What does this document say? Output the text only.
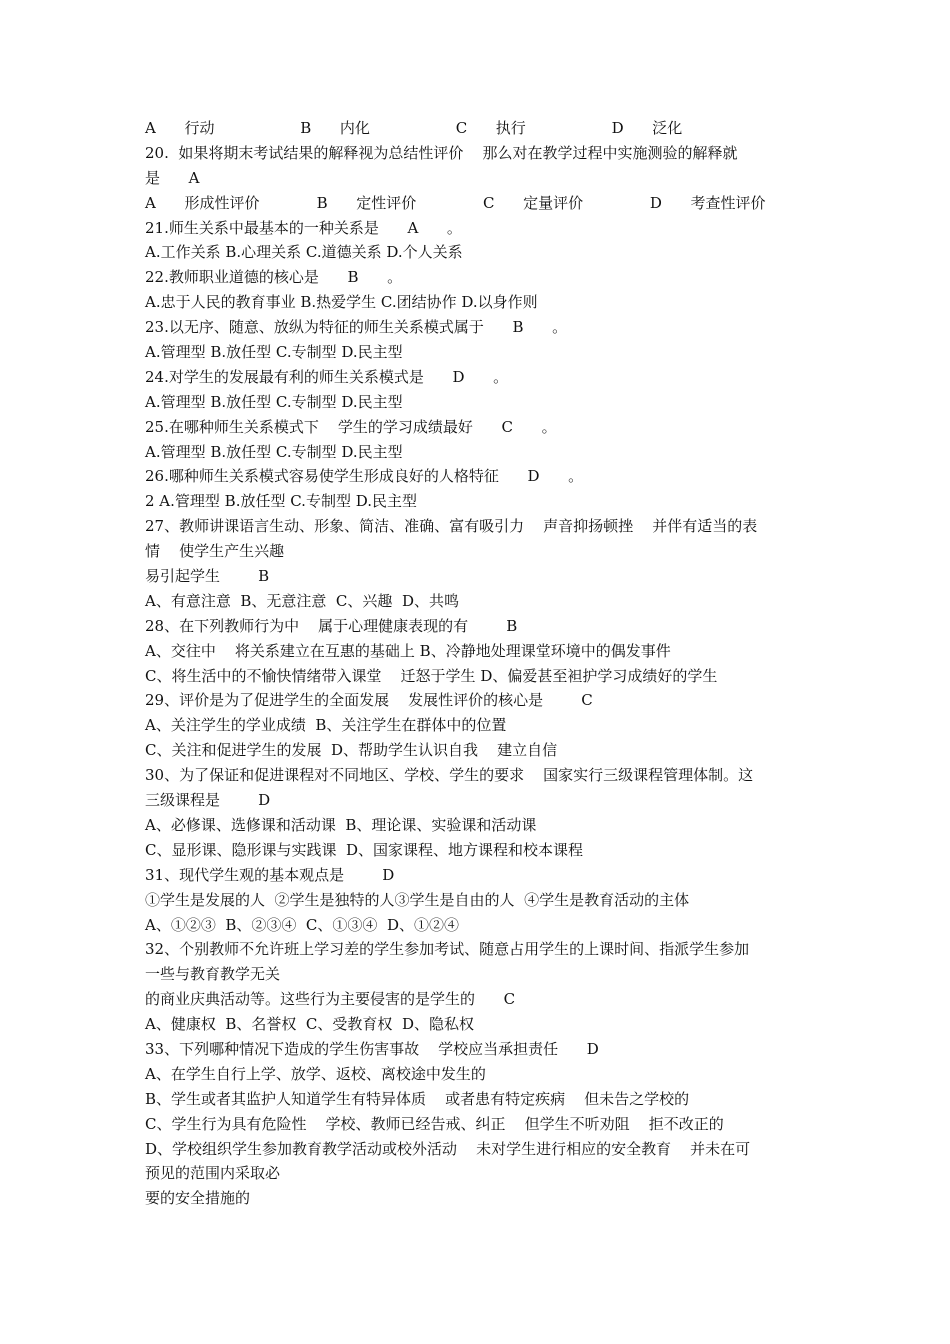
A      行动                  B      内化                  C      执行                  D      泛化
20.  如果将期末考试结果的解释视为总结性评价    那么对在教学过程中实施测验的解释就
是      A
A      形成性评价            B      定性评价              C      定量评价              D      考查性评价
21.师生关系中最基本的一种关系是      A      。
A.工作关系 B.心理关系 C.道德关系 D.个人关系
22.教师职业道德的核心是      B      。
A.忠于人民的教育事业 B.热爱学生 C.团结协作 D.以身作则
23.以无序、随意、放纵为特征的师生关系模式属于      B      。
A.管理型 B.放任型 C.专制型 D.民主型
24.对学生的发展最有利的师生关系模式是      D      。
A.管理型 B.放任型 C.专制型 D.民主型
25.在哪种师生关系模式下    学生的学习成绩最好      C      。
A.管理型 B.放任型 C.专制型 D.民主型
26.哪种师生关系模式容易使学生形成良好的人格特征      D      。
2 A.管理型 B.放任型 C.专制型 D.民主型
27、教师讲课语言生动、形象、简洁、准确、富有吸引力    声音抑扬顿挫    并伴有适当的表
情    使学生产生兴趣
易引起学生        B
A、有意注意  B、无意注意  C、兴趣  D、共鸣
28、在下列教师行为中    属于心理健康表现的有        B
A、交往中    将关系建立在互惠的基础上 B、冷静地处理课堂环境中的偶发事件
C、将生活中的不愉快情绪带入课堂    迁怒于学生 D、偏爱甚至袒护学习成绩好的学生
29、评价是为了促进学生的全面发展    发展性评价的核心是        C
A、关注学生的学业成绩  B、关注学生在群体中的位置
C、关注和促进学生的发展  D、帮助学生认识自我    建立自信
30、为了保证和促进课程对不同地区、学校、学生的要求    国家实行三级课程管理体制。这
三级课程是        D
A、必修课、选修课和活动课  B、理论课、实验课和活动课
C、显形课、隐形课与实践课  D、国家课程、地方课程和校本课程
31、现代学生观的基本观点是        D
①学生是发展的人  ②学生是独特的人③学生是自由的人  ④学生是教育活动的主体
A、①②③  B、②③④  C、①③④  D、①②④
32、个别教师不允许班上学习差的学生参加考试、随意占用学生的上课时间、指派学生参加
一些与教育教学无关
的商业庆典活动等。这些行为主要侵害的是学生的      C
A、健康权  B、名誉权  C、受教育权  D、隐私权
33、下列哪种情况下造成的学生伤害事故    学校应当承担责任      D
A、在学生自行上学、放学、返校、离校途中发生的
B、学生或者其监护人知道学生有特异体质    或者患有特定疾病    但未告之学校的
C、学生行为具有危险性    学校、教师已经告戒、纠正    但学生不听劝阻    拒不改正的
D、学校组织学生参加教育教学活动或校外活动    未对学生进行相应的安全教育    并未在可
预见的范围内采取必
要的安全措施的
